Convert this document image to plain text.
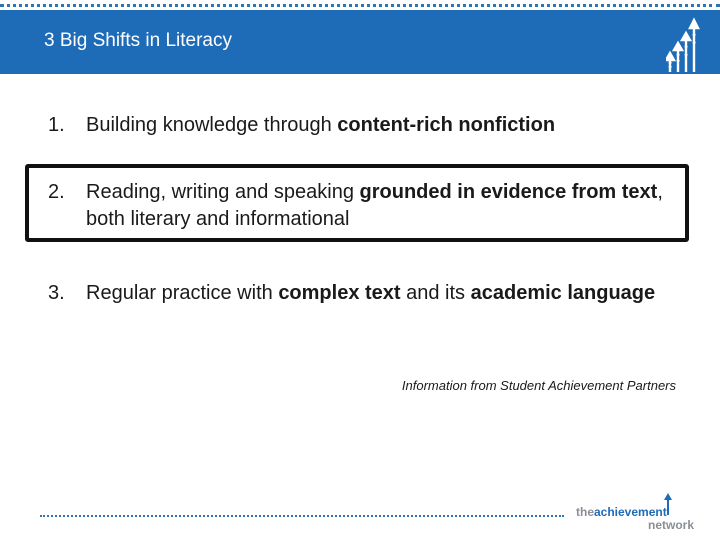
3 Big Shifts in Literacy
1. Building knowledge through content-rich nonfiction
2. Reading, writing and speaking grounded in evidence from text, both literary and informational
3. Regular practice with complex text and its academic language
Information from Student Achievement Partners
theachievement
network
